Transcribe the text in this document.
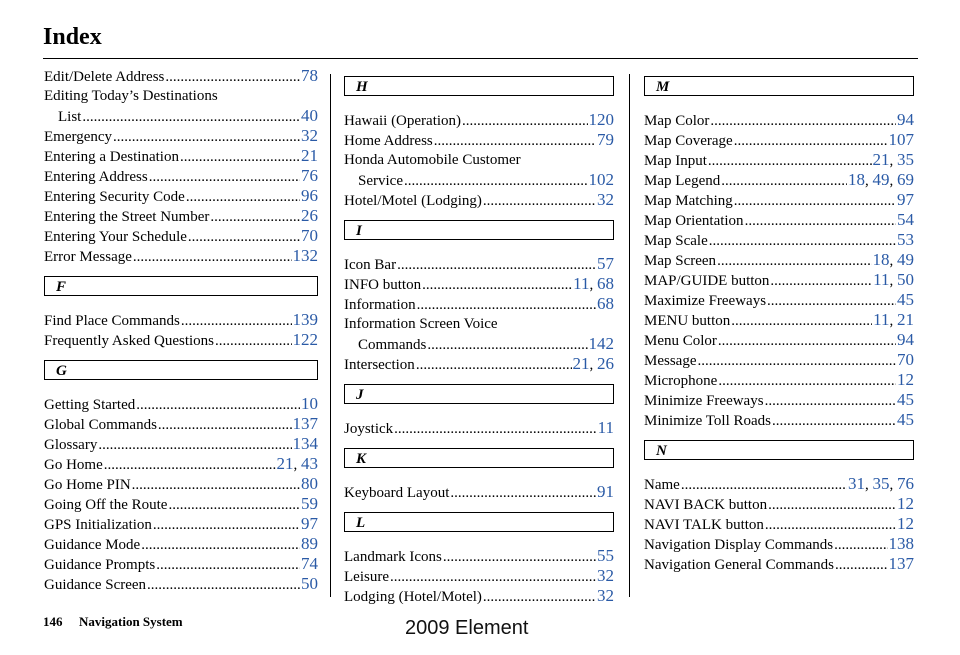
Index
Edit/Delete Address .....	78
Editing Today’s Destinations
List .....	40
Emergency .....	32
Entering a Destination .....	21
Entering Address .....	76
Entering Security Code .....	96
Entering the Street Number .....	26
Entering Your Schedule .....	70
Error Message .....	132
F
Find Place Commands .....	139
Frequently Asked Questions .....	122
G
Getting Started .....	10
Global Commands .....	137
Glossary .....	134
Go Home .....	21, 43
Go Home PIN .....	80
Going Off the Route .....	59
GPS Initialization .....	97
Guidance Mode .....	89
Guidance Prompts .....	74
Guidance Screen .....	50
H
Hawaii (Operation) .....	120
Home Address .....	79
Honda Automobile Customer
Service .....	102
Hotel/Motel (Lodging) .....	32
I
Icon Bar .....	57
INFO button .....	11, 68
Information .....	68
Information Screen Voice
Commands .....	142
Intersection .....	21, 26
J
Joystick .....	11
K
Keyboard Layout .....	91
L
Landmark Icons .....	55
Leisure .....	32
Lodging (Hotel/Motel) .....	32
M
Map Color .....	94
Map Coverage .....	107
Map Input .....	21, 35
Map Legend .....	18, 49, 69
Map Matching .....	97
Map Orientation .....	54
Map Scale .....	53
Map Screen .....	18, 49
MAP/GUIDE button .....	11, 50
Maximize Freeways .....	45
MENU button .....	11, 21
Menu Color .....	94
Message .....	70
Microphone .....	12
Minimize Freeways .....	45
Minimize Toll Roads .....	45
N
Name .....	31, 35, 76
NAVI BACK button .....	12
NAVI TALK button .....	12
Navigation Display Commands .....	138
Navigation General Commands .....	137
146 Navigation System	2009 Element
